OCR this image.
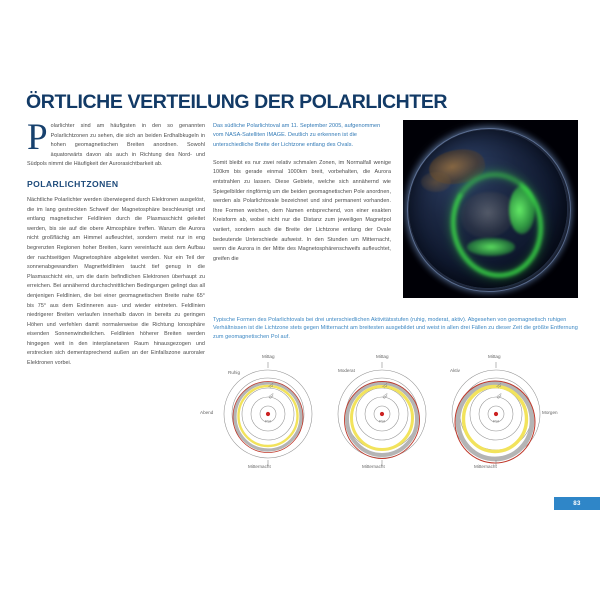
ÖRTLICHE VERTEILUNG DER POLARLICHTER
P olarlichter sind am häufigsten in den so genannten Polarlichtzonen zu sehen, die sich an beiden Erdhalbkugeln in hohen geomagnetischen Breiten anordnen. Sowohl äquatorwärts davon als auch in Richtung des Nord- und Südpols nimmt die Häufigkeit der Aurorasichtbarkeit ab.
POLARLICHTZONEN

Nächtliche Polarlichter werden überwiegend durch Elektronen ausgelöst, die im lang gestreckten Schweif der Magnetosphäre beschleunigt und entlang magnetischer Feldlinien durch die Plasmaschicht geleitet werden, bis sie auf die obere Atmosphäre treffen. Warum die Aurora nicht großflächig am Himmel aufleuchtet, sondern meist nur in eng begrenzten Regionen hoher Breiten, kann vereinfacht aus dem Aufbau der nachtseitigen Magnetosphäre abgeleitet werden. Nur ein Teil der sonnenabgewandten Magnetfeldlinien taucht tief genug in die Plasmaschicht ein, um die darin befindlichen Elektronen überhaupt zu erreichen. Bei annähernd durchschnittlichen Bedingungen gelingt das all denjenigen Feldlinien, die bei einer geomagnetischen Breite nahe 65° bis 75° aus dem Erdinneren aus- und wieder eintreten. Feldlinien niedrigerer Breiten verlaufen innerhalb davon in bereits zu geringen Höhen und verfehlen damit normalerweise die Richtung Ionosphäre eisenden Sonnenwindteilchen. Feldlinien höherer Breiten werden hingegen weit in den interplanetaren Raum hinausgezogen und erstrecken sich dementsprechend außen an der Einfallszone auroraler Elektronen vorbei.

Das südliche Polarlichtoval am 11. September 2005, aufgenommen vom NASA-Satelliten IMAGE. Deutlich zu erkennen ist die unterschiedliche Breite der Lichtzone entlang des Ovals.

Somit bleibt es nur zwei relativ schmalen Zonen, im Normalfall wenige 100km bis gerade einmal 1000km breit, vorbehalten, die Aurora entstrahlen zu lassen. Diese Gebiete, welche sich annähernd wie Spiegelbilder ringförmig um die beiden geomagnetischen Pole anordnen, werden als Polarlichtovale bezeichnet und sind permanent vorhanden. Ihre Formen weichen, dem Namen entsprechend, von einer exakten Kreisform ab, wobei nicht nur die Distanz zum jeweiligen Magnetpol variiert, sondern auch die Breite der Lichtzone entlang der Ovale bedeutende Unterschiede aufweist. In den Stunden um Mitternacht, wenn die Aurora in der Mitte des Magnetosphärenschweifs aufleuchtet, greifen die

Typische Formen des Polarlichtovals bei drei unterschiedlichen Aktivitätsstufen (ruhig, moderat, aktiv). Abgesehen von geomagnetisch ruhigen Verhältnissen ist die Lichtzone stets gegen Mitternacht am breitesten ausgebildet und weist in allen drei Fällen zu dieser Zeit die größte Entfernung zum geomagnetischen Pol auf.
70°
60°
Pol
Mittag
Mitternacht
Ruhig
Abend
70°
60°
Pol
Mittag
Mitternacht
Moderat
70°
60°
Pol
Mittag
Mitternacht
Aktiv
Morgen
83
